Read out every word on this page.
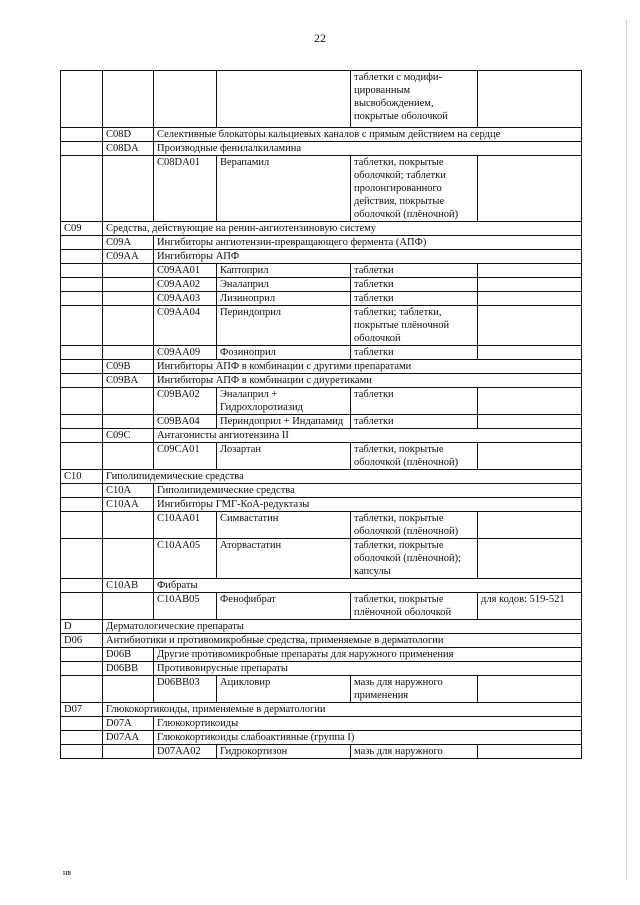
22
				таблетки с модифи-
цированным
высвобождением,
покрытые оболочкой	
	C08D	Селективные блокаторы кальциевых каналов с прямым действием на сердце			
	C08DA	Производные фенилалкиламина			
		C08DA01	Верапамил	таблетки, покрытые оболочкой; таблетки пролонгированного действия, покрытые оболочкой (плёночной)	
C09	Средства, действующие на ренин-ангиотензиновую систему				
	C09A	Ингибиторы ангиотензин-превращающего фермента (АПФ)			
	C09AA	Ингибиторы АПФ			
		C09AA01	Каптоприл	таблетки	
		C09AA02	Эналаприл	таблетки	
		C09AA03	Лизиноприл	таблетки	
		C09AA04	Периндоприл	таблетки; таблетки, покрытые плёночной оболочкой	
		C09AA09	Фозиноприл	таблетки	
	C09B	Ингибиторы АПФ в комбинации с другими препаратами			
	C09BA	Ингибиторы АПФ в комбинации с диуретиками			
		C09BA02	Эналаприл + Гидрохлоротиазид	таблетки	
		C09BA04	Периндоприл + Индапамид	таблетки	
	C09C	Антагонисты ангиотензина II			
		C09CA01	Лозартан	таблетки, покрытые оболочкой (плёночной)	
C10	Гиполипидемические средства				
	C10A	Гиполипидемические средства			
	C10AA	Ингибиторы ГМГ-КоА-редуктазы			
		C10AA01	Симвастатин	таблетки, покрытые оболочкой (плёночной)	
		C10AA05	Аторвастатин	таблетки, покрытые оболочкой (плёночной); капсулы	
	C10AB	Фибраты			
		C10AB05	Фенофибрат	таблетки, покрытые плёночной оболочкой	для кодов: 519-521
D	Дерматологические препараты				
D06	Антибиотики и противомикробные средства, применяемые в дерматологии				
	D06B	Другие противомикробные препараты для наружного применения			
	D06BB	Противовирусные препараты			
		D06BB03	Ацикловир	мазь для наружного применения	
D07	Глюкокортикоиды, применяемые в дерматологии				
	D07A	Глюкокортикоиды			
	D07AA	Глюкокортикоиды слабоактивные (группа I)			
		D07AA02	Гидрокортизон	мазь для наружного	
нв
